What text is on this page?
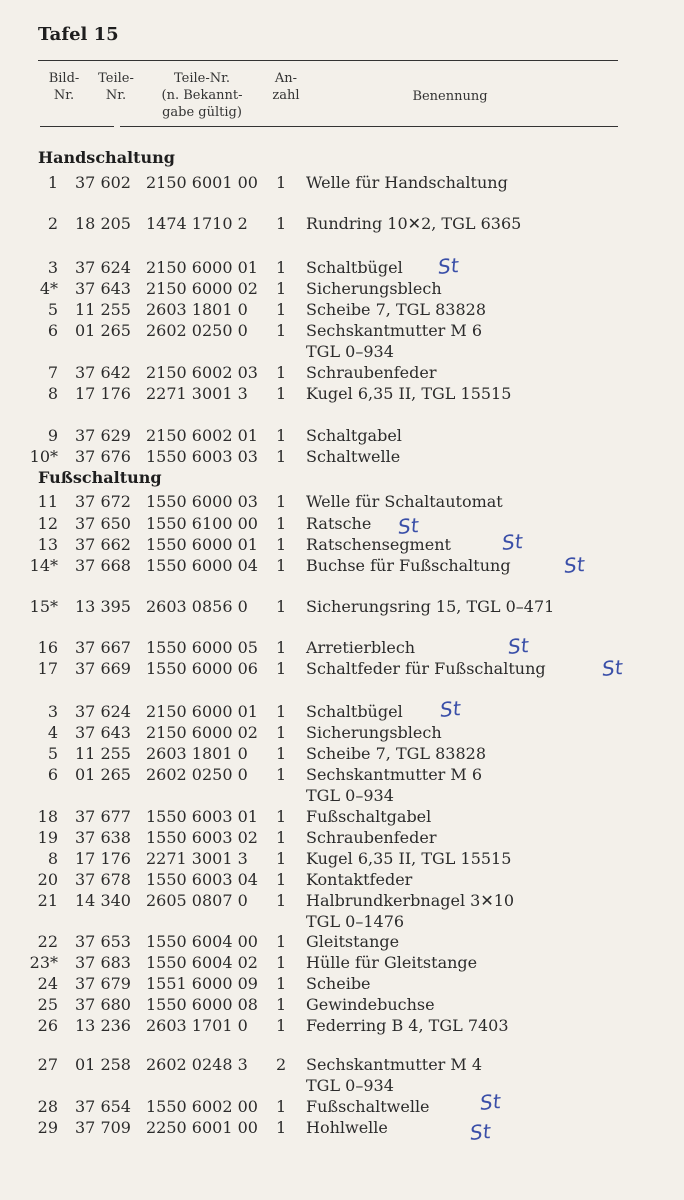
Tafel 15
Bild-
Nr.
Teile-
Nr.
Teile-Nr.
(n. Bekannt-
gabe gültig)
An-
zahl	Benennung
Handschaltung
Fußschaltung
1 37 602 2150 6001 00 1 Welle für Handschaltung
2 18 205 1474 1710 2 1 Rundring 10✕2, TGL 6365
3 37 624 2150 6000 01 1 Schaltbügel
4* 37 643 2150 6000 02 1 Sicherungsblech
5 11 255 2603 1801 0 1 Scheibe 7, TGL 83828
6 01 265 2602 0250 0 1 Sechskantmutter M 6
TGL 0–934
7 37 642 2150 6002 03 1 Schraubenfeder
8 17 176 2271 3001 3 1 Kugel 6,35 II, TGL 15515
9 37 629 2150 6002 01 1 Schaltgabel
10* 37 676 1550 6003 03 1 Schaltwelle
11 37 672 1550 6000 03 1 Welle für Schaltautomat
12 37 650 1550 6100 00 1 Ratsche
13 37 662 1550 6000 01 1 Ratschensegment
14* 37 668 1550 6000 04 1 Buchse für Fußschaltung
15* 13 395 2603 0856 0 1 Sicherungsring 15, TGL 0–471
16 37 667 1550 6000 05 1 Arretierblech
17 37 669 1550 6000 06 1 Schaltfeder für Fußschaltung
3 37 624 2150 6000 01 1 Schaltbügel
4 37 643 2150 6000 02 1 Sicherungsblech
5 11 255 2603 1801 0 1 Scheibe 7, TGL 83828
6 01 265 2602 0250 0 1 Sechskantmutter M 6
TGL 0–934
18 37 677 1550 6003 01 1 Fußschaltgabel
19 37 638 1550 6003 02 1 Schraubenfeder
8 17 176 2271 3001 3 1 Kugel 6,35 II, TGL 15515
20 37 678 1550 6003 04 1 Kontaktfeder
21 14 340 2605 0807 0 1 Halbrundkerbnagel 3✕10
TGL 0–1476
22 37 653 1550 6004 00 1 Gleitstange
23* 37 683 1550 6004 02 1 Hülle für Gleitstange
24 37 679 1551 6000 09 1 Scheibe
25 37 680 1550 6000 08 1 Gewindebuchse
26 13 236 2603 1701 0 1 Federring B 4, TGL 7403
27 01 258 2602 0248 3 2 Sechskantmutter M 4
TGL 0–934
28 37 654 1550 6002 00 1 Fußschaltwelle
29 37 709 2250 6001 00 1 Hohlwelle
St
St
St
St
St
St
St
St
St
